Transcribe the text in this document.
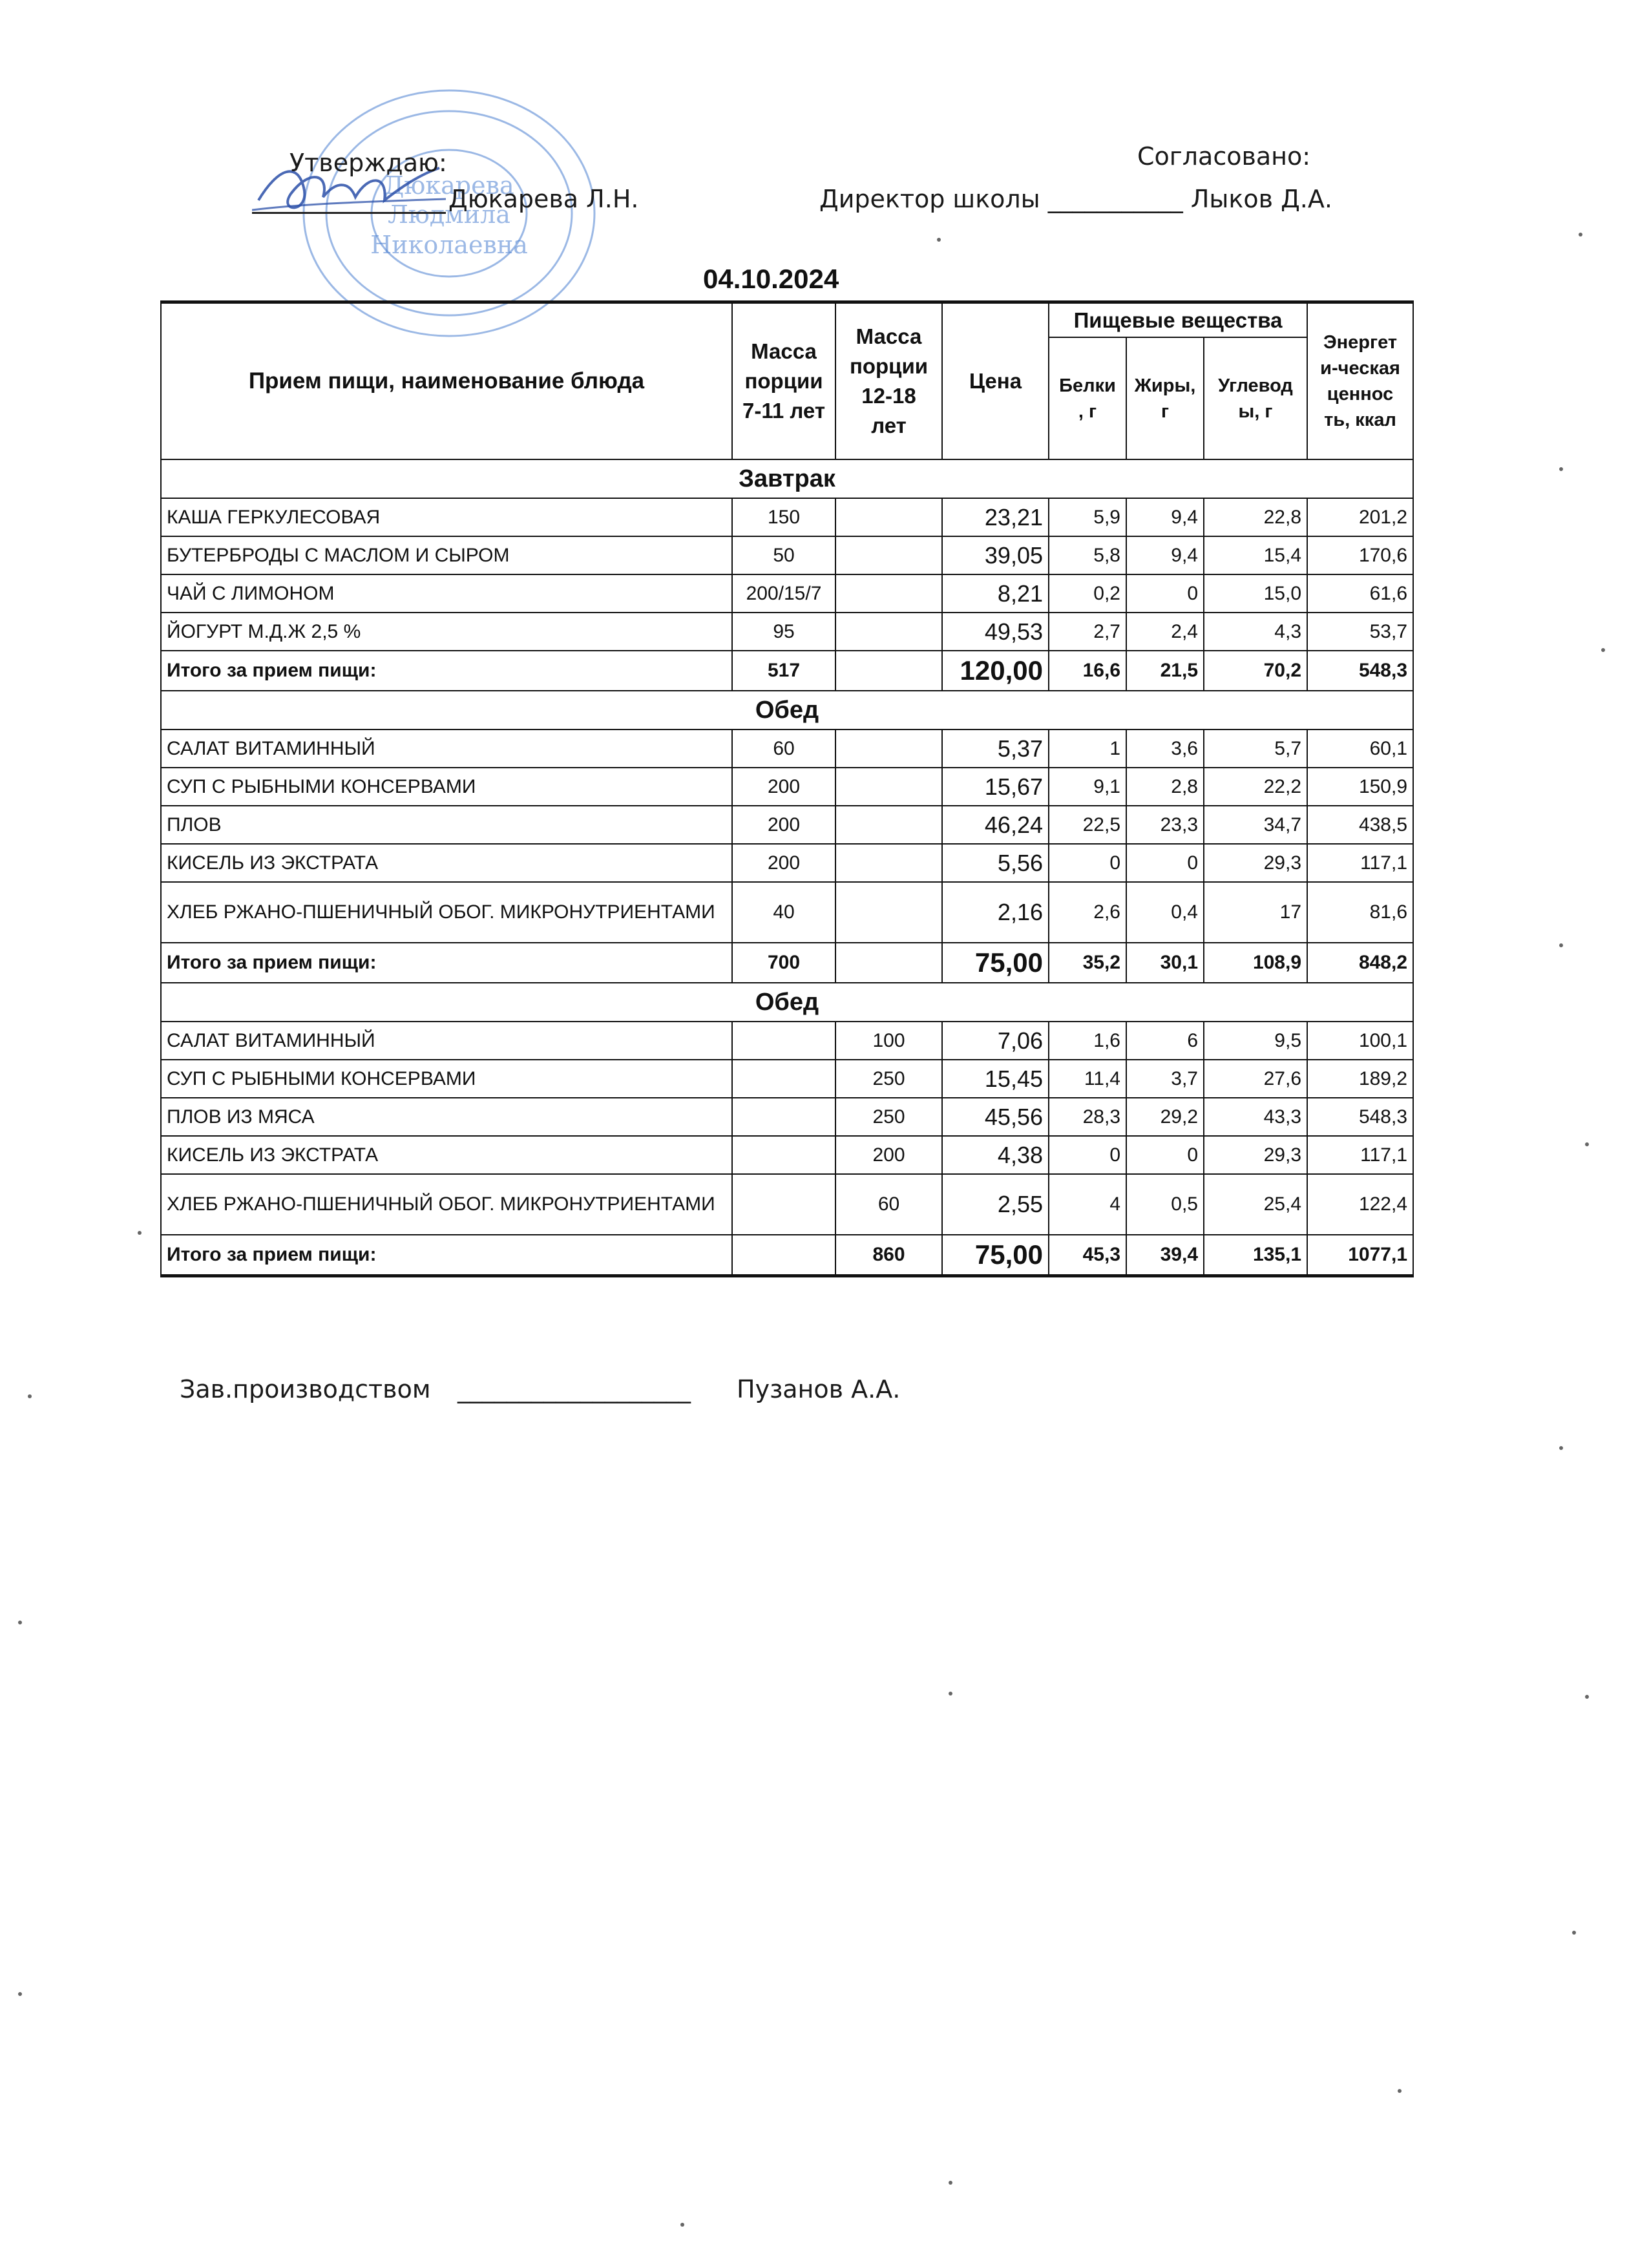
Дюкарева
Людмила
Николаевна
Утверждаю:
Дюкарева Л.Н.
Согласовано:
Директор школы ___________ Лыков Д.А.
04.10.2024
Прием пищи, наименование блюда	Масса порции 7-11 лет	Масса порции 12-18 лет	Цена	Пищевые вещества			Энергет и-ческая ценнос ть, ккал
				Белки , г	Жиры, г	Углевод ы, г	
Завтрак							
КАША ГЕРКУЛЕСОВАЯ	150		23,21	5,9	9,4	22,8	201,2
БУТЕРБРОДЫ С МАСЛОМ И СЫРОМ	50		39,05	5,8	9,4	15,4	170,6
ЧАЙ С ЛИМОНОМ	200/15/7		8,21	0,2	0	15,0	61,6
ЙОГУРТ М.Д.Ж 2,5 %	95		49,53	2,7	2,4	4,3	53,7
Итого за прием пищи:	517		120,00	16,6	21,5	70,2	548,3
Обед							
САЛАТ ВИТАМИННЫЙ	60		5,37	1	3,6	5,7	60,1
СУП С РЫБНЫМИ КОНСЕРВАМИ	200		15,67	9,1	2,8	22,2	150,9
ПЛОВ	200		46,24	22,5	23,3	34,7	438,5
КИСЕЛЬ ИЗ ЭКСТРАТА	200		5,56	0	0	29,3	117,1
ХЛЕБ РЖАНО-ПШЕНИЧНЫЙ ОБОГ. МИКРОНУТРИЕНТАМИ	40		2,16	2,6	0,4	17	81,6
Итого за прием пищи:	700		75,00	35,2	30,1	108,9	848,2
Обед							
САЛАТ ВИТАМИННЫЙ		100	7,06	1,6	6	9,5	100,1
СУП С РЫБНЫМИ КОНСЕРВАМИ		250	15,45	11,4	3,7	27,6	189,2
ПЛОВ ИЗ МЯСА		250	45,56	28,3	29,2	43,3	548,3
КИСЕЛЬ ИЗ ЭКСТРАТА		200	4,38	0	0	29,3	117,1
ХЛЕБ РЖАНО-ПШЕНИЧНЫЙ ОБОГ. МИКРОНУТРИЕНТАМИ		60	2,55	4	0,5	25,4	122,4
Итого за прием пищи:		860	75,00	45,3	39,4	135,1	1077,1
Зав.производством ___________________ Пузанов А.А.
